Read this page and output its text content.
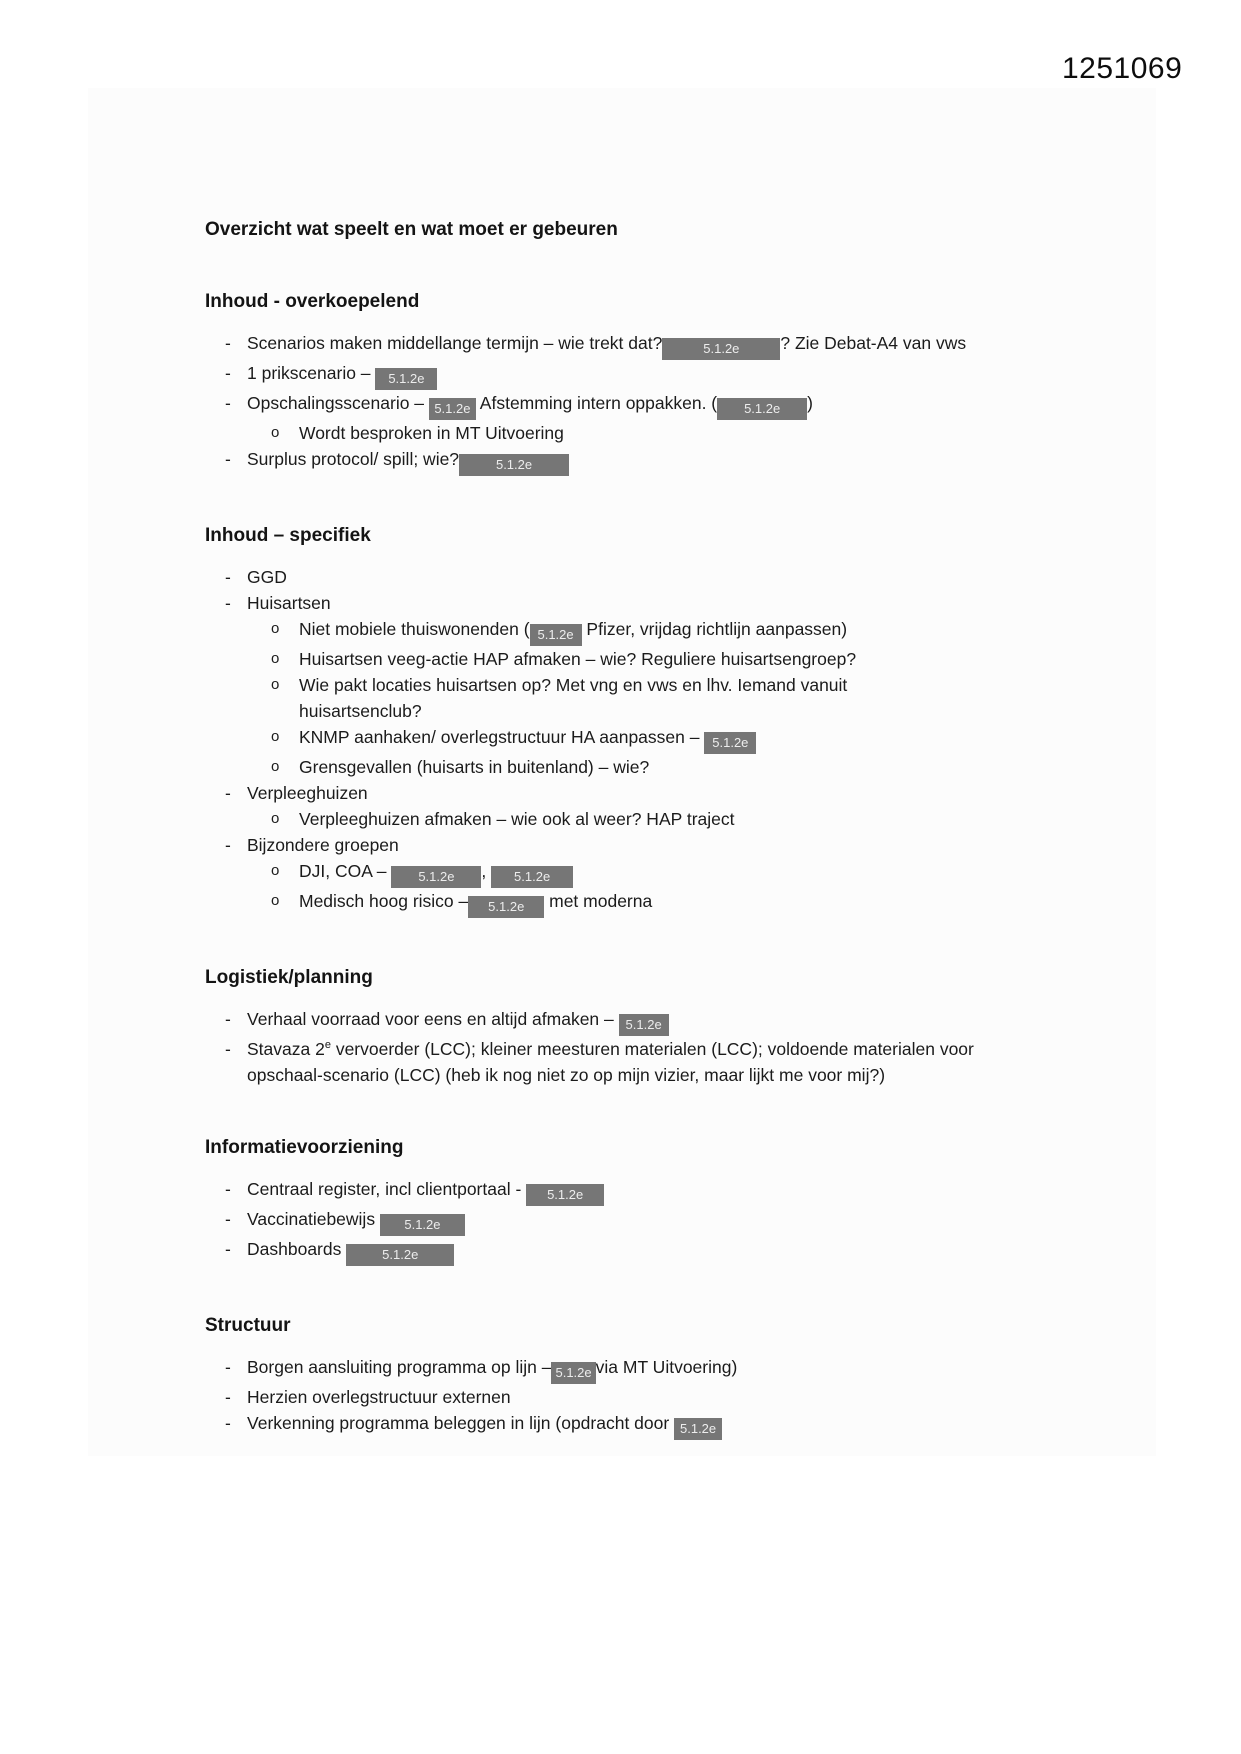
1251069
Overzicht wat speelt en wat moet er gebeuren
Inhoud - overkoepelend
- Scenarios maken middellange termijn – wie trekt dat?	5.1.2e ? Zie Debat-A4 van vws
- 1 prikscenario – 5.1.2e
- Opschalingsscenario – 5.1.2e Afstemming intern oppakken. ( 5.1.2e )
o	Wordt besproken in MT Uitvoering
- Surplus protocol/ spill; wie?	5.1.2e
Inhoud – specifiek
- GGD
- Huisartsen
o	Niet mobiele thuiswonenden ( 5.1.2e Pfizer, vrijdag richtlijn aanpassen)
o	Huisartsen veeg-actie HAP afmaken – wie? Reguliere huisartsengroep?
o	Wie pakt locaties huisartsen op? Met vng en vws en lhv. Iemand vanuit
huisartsenclub?
o	KNMP aanhaken/ overlegstructuur HA aanpassen – 5.1.2e
o	Grensgevallen (huisarts in buitenland) – wie?
- Verpleeghuizen
o	Verpleeghuizen afmaken – wie ook al weer? HAP traject
- Bijzondere groepen
o	DJI, COA – 5.1.2e , 5.1.2e
o	Medisch hoog risico – 5.1.2e met moderna
Logistiek/planning
- Verhaal voorraad voor eens en altijd afmaken – 5.1.2e
- Stavaza 2e vervoerder (LCC); kleiner meesturen materialen (LCC); voldoende materialen voor
opschaal-scenario (LCC) (heb ik nog niet zo op mijn vizier, maar lijkt me voor mij?)
Informatievoorziening
- Centraal register, incl clientportaal - 5.1.2e
- Vaccinatiebewijs 5.1.2e
- Dashboards	5.1.2e
Structuur
- Borgen aansluiting programma op lijn – 5.1.2e via MT Uitvoering)
- Herzien overlegstructuur externen
- Verkenning programma beleggen in lijn (opdracht door 5.1.2e
